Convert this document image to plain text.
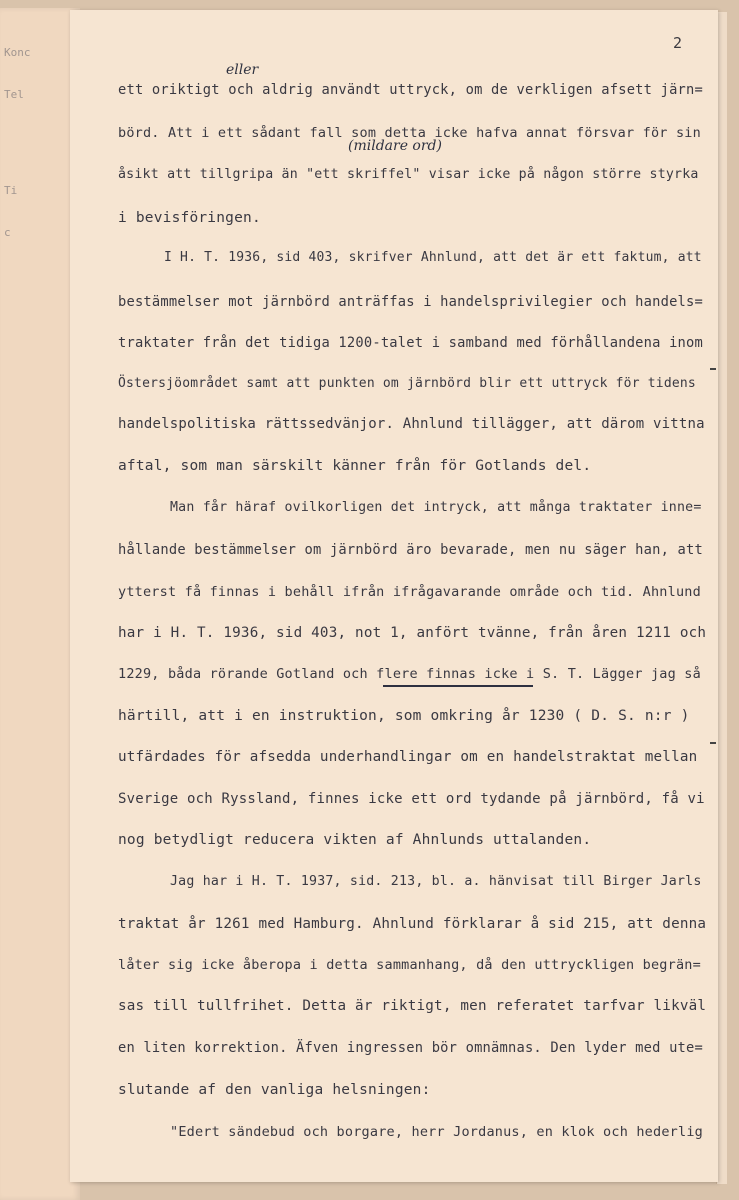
Konc
Tel
Ti
c
2
eller
(mildare ord)
ett oriktigt och aldrig användt uttryck, om de verkligen afsett järn=
börd. Att i ett sådant fall som detta icke hafva annat försvar för sin
åsikt att tillgripa än "ett skriffel" visar icke på någon större styrka
i bevisföringen.
I H. T. 1936, sid 403, skrifver Ahnlund, att det är ett faktum, att
bestämmelser mot järnbörd anträffas i handelsprivilegier och handels=
traktater från det tidiga 1200-talet i samband med förhållandena inom
Östersjöområdet samt att punkten om järnbörd blir ett uttryck för tidens
handelspolitiska rättssedvänjor. Ahnlund tillägger, att därom vittna
aftal, som man särskilt känner från för Gotlands del.
Man får häraf ovilkorligen det intryck, att många traktater inne=
hållande bestämmelser om järnbörd äro bevarade, men nu säger han, att
ytterst få finnas i behåll ifrån ifrågavarande område och tid. Ahnlund
har i H. T. 1936, sid 403, not 1, anfört tvänne, från åren 1211 och
1229, båda rörande Gotland och flere finnas icke i S. T. Lägger jag så
härtill, att i en instruktion, som omkring år 1230 ( D. S. n:r )
utfärdades för afsedda underhandlingar om en handelstraktat mellan
Sverige och Ryssland, finnes icke ett ord tydande på järnbörd, få vi
nog betydligt reducera vikten af Ahnlunds uttalanden.
Jag har i H. T. 1937, sid. 213, bl. a. hänvisat till Birger Jarls
traktat år 1261 med Hamburg. Ahnlund förklarar å sid 215, att denna
låter sig icke åberopa i detta sammanhang, då den uttryckligen begrän=
sas till tullfrihet. Detta är riktigt, men referatet tarfvar likväl
en liten korrektion. Äfven ingressen bör omnämnas. Den lyder med ute=
slutande af den vanliga helsningen:
"Edert sändebud och borgare, herr Jordanus, en klok och hederlig
